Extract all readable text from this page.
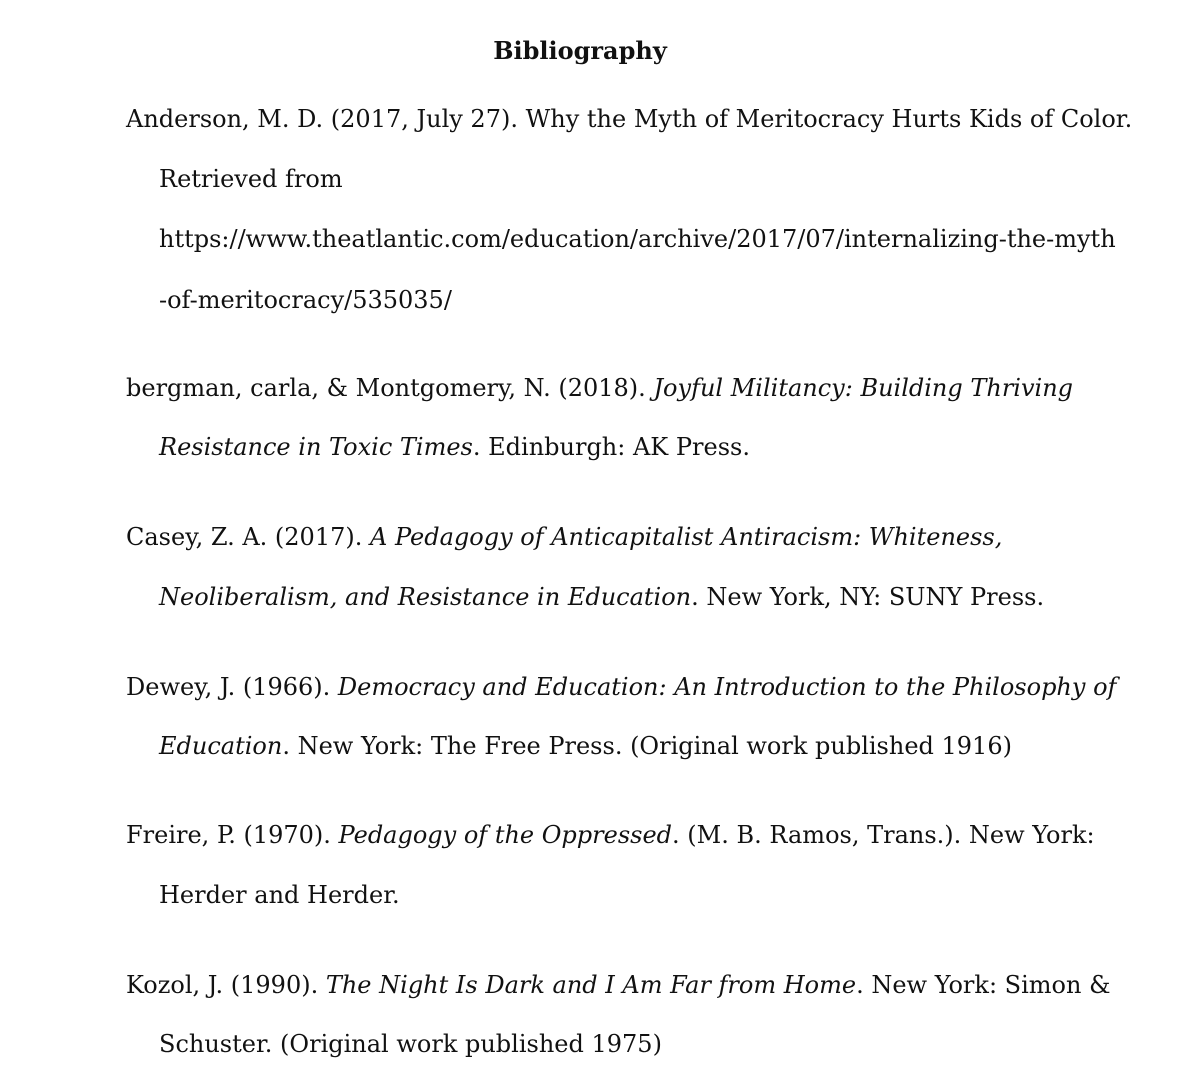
Bibliography
Anderson, M. D. (2017, July 27). Why the Myth of Meritocracy Hurts Kids of Color.
Retrieved from
https://www.theatlantic.com/education/archive/2017/07/internalizing-the-myth
-of-meritocracy/535035/
bergman, carla, & Montgomery, N. (2018). Joyful Militancy: Building Thriving
Resistance in Toxic Times. Edinburgh: AK Press.
Casey, Z. A. (2017). A Pedagogy of Anticapitalist Antiracism: Whiteness,
Neoliberalism, and Resistance in Education. New York, NY: SUNY Press.
Dewey, J. (1966). Democracy and Education: An Introduction to the Philosophy of
Education. New York: The Free Press. (Original work published 1916)
Freire, P. (1970). Pedagogy of the Oppressed. (M. B. Ramos, Trans.). New York:
Herder and Herder.
Kozol, J. (1990). The Night Is Dark and I Am Far from Home. New York: Simon &
Schuster. (Original work published 1975)
